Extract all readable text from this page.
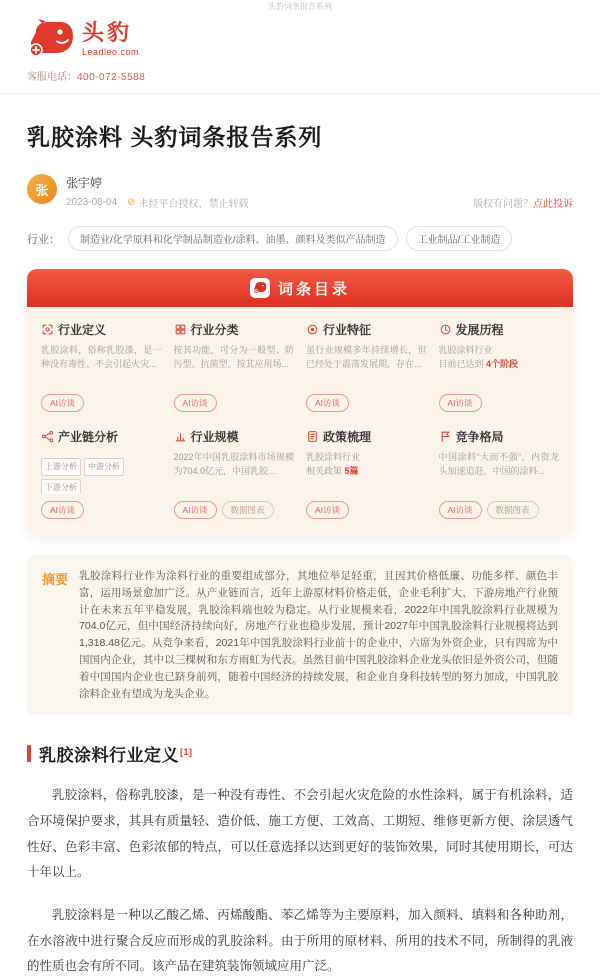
头豹词条报告系列
头豹
Leadleo.com
客服电话：400-072-5588
乳胶涂料 头豹词条报告系列
张	张宇婷
2023-08-04 ⊘ 未经平台授权，禁止转载	版权有问题？点此投诉
行业：	制造业/化学原料和化学制品制造业/涂料、油墨、颜料及类似产品制造	工业制品/工业制造
词条目录
行业定义
乳胶涂料，俗称乳胶漆，是一种没有毒性、不会引起火灾...
AI访谈
行业分类
按其功能，可分为一般型、防污型、抗菌型。按其应用场...
AI访谈
行业特征
虽行业规模多年持续增长，但已经处于震荡发展期，存在...
AI访谈
发展历程
乳胶涂料行业
目前已达到 4个阶段
AI访谈
产业链分析
上游分析	中游分析
下游分析
AI访谈
行业规模
2022年中国乳胶涂料市场规模为704.0亿元，中国乳胶...
AI访谈	数据图表
政策梳理
乳胶涂料行业
相关政策 5篇
AI访谈
竞争格局
中国涂料“大而不强”，内资龙头加速追赶，中国的涂料...
AI访谈	数据图表
摘要 乳胶涂料行业作为涂料行业的重要组成部分，其地位举足轻重，且因其价格低廉、功能多样、颜色丰富，运用场景愈加广泛。从产业链而言，近年上游原材料价格走低，企业毛利扩大，下游房地产行业预计在未来五年平稳发展，乳胶涂料端也较为稳定。从行业规模来看，2022年中国乳胶涂料行业规模为704.0亿元，但中国经济持续向好，房地产行业也稳步发展，预计2027年中国乳胶涂料行业规模将达到1,318.48亿元。从竞争来看，2021年中国乳胶涂料行业前十的企业中，六席为外资企业，只有四席为中国国内企业，其中以三棵树和东方雨虹为代表。虽然目前中国乳胶涂料企业龙头依旧是外资公司，但随着中国国内企业也已跻身前列，随着中国经济的持续发展，和企业自身科技转型的努力加成，中国乳胶涂料企业有望成为龙头企业。
乳胶涂料行业定义[1]

乳胶涂料，俗称乳胶漆，是一种没有毒性、不会引起火灾危险的水性涂料，属于有机涂料，适合环境保护要求，其具有质量轻、造价低、施工方便、工效高、工期短、维修更新方便、涂层透气性好、色彩丰富、色彩浓郁的特点，可以任意选择以达到更好的装饰效果，同时其使用期长，可达十年以上。

乳胶涂料是一种以乙酸乙烯、丙烯酸酯、苯乙烯等为主要原料，加入颜料、填料和各种助剂，在水溶液中进行聚合反应而形成的乳胶涂料。由于所用的原材料、所用的技术不同，所制得的乳液的性质也会有所不同。该产品在建筑装饰领域应用广泛。
